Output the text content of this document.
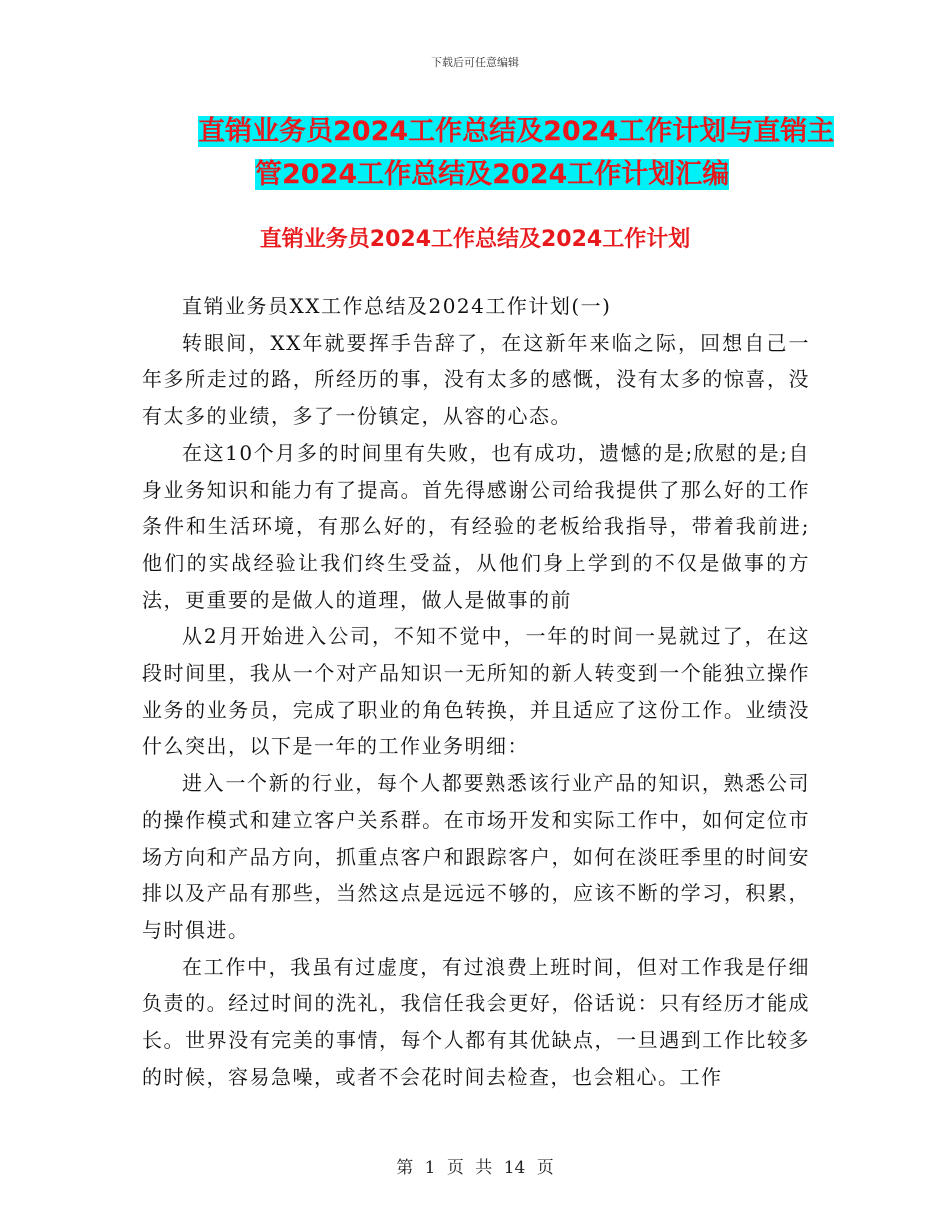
下载后可任意编辑
直销业务员2024工作总结及2024工作计划与直销主
管2024工作总结及2024工作计划汇编
直销业务员2024工作总结及2024工作计划

直销业务员XX工作总结及2024工作计划(一)

转眼间，XX年就要挥手告辞了，在这新年来临之际，回想自己一年多所走过的路，所经历的事，没有太多的感慨，没有太多的惊喜，没有太多的业绩，多了一份镇定，从容的心态。

在这10个月多的时间里有失败，也有成功，遗憾的是;欣慰的是;自身业务知识和能力有了提高。首先得感谢公司给我提供了那么好的工作条件和生活环境，有那么好的，有经验的老板给我指导，带着我前进;他们的实战经验让我们终生受益，从他们身上学到的不仅是做事的方法，更重要的是做人的道理，做人是做事的前

从2月开始进入公司，不知不觉中，一年的时间一晃就过了，在这段时间里，我从一个对产品知识一无所知的新人转变到一个能独立操作业务的业务员，完成了职业的角色转换，并且适应了这份工作。业绩没什么突出，以下是一年的工作业务明细：

进入一个新的行业，每个人都要熟悉该行业产品的知识，熟悉公司的操作模式和建立客户关系群。在市场开发和实际工作中，如何定位市场方向和产品方向，抓重点客户和跟踪客户，如何在淡旺季里的时间安排以及产品有那些，当然这点是远远不够的，应该不断的学习，积累，与时俱进。

在工作中，我虽有过虚度，有过浪费上班时间，但对工作我是仔细负责的。经过时间的洗礼，我信任我会更好，俗话说：只有经历才能成长。世界没有完美的事情，每个人都有其优缺点，一旦遇到工作比较多的时候，容易急噪，或者不会花时间去检查，也会粗心。工作

第 1 页 共 14 页
